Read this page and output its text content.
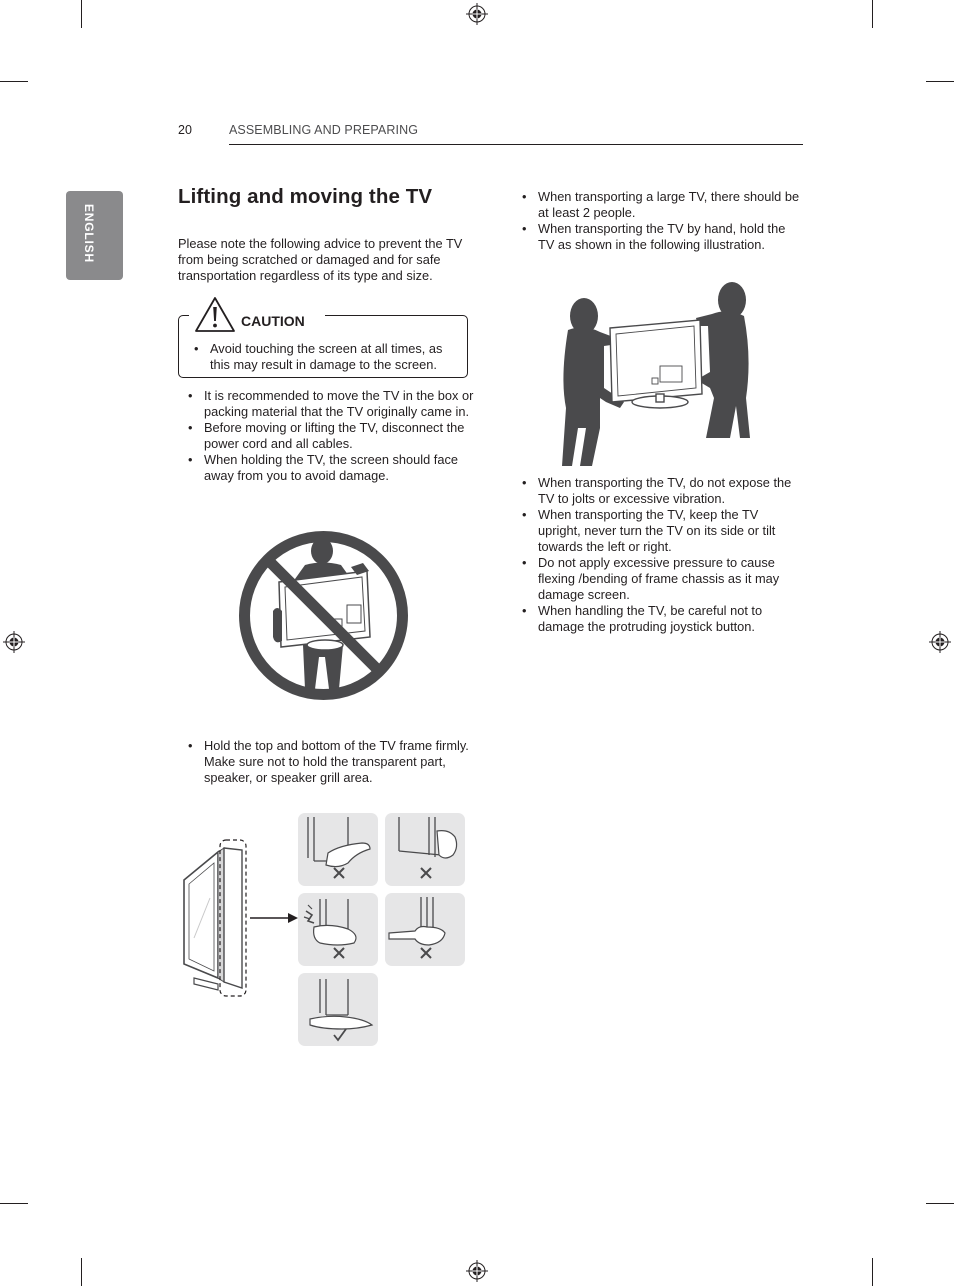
20	ASSEMBLING AND PREPARING
ENGLISH
Lifting and moving the TV

Please note the following advice to prevent the TV from being scratched or damaged and for safe transportation regardless of its type and size.

CAUTION
• Avoid touching the screen at all times, as this may result in damage to the screen.
• It is recommended to move the TV in the box or packing material that the TV originally came in.
• Before moving or lifting the TV, disconnect the power cord and all cables.
• When holding the TV, the screen should face away from you to avoid damage.
• Hold the top and bottom of the TV frame firmly. Make sure not to hold the transparent part, speaker, or speaker grill area.
• When transporting a large TV, there should be at least 2 people.
• When transporting the TV by hand, hold the TV as shown in the following illustration.
• When transporting the TV, do not expose the TV to jolts or excessive vibration.
• When transporting the TV, keep the TV upright, never turn the TV on its side or tilt towards the left or right.
• Do not apply excessive pressure to cause flexing /bending of frame chassis as it may damage screen.
• When handling the TV, be careful not to damage the protruding joystick button.
